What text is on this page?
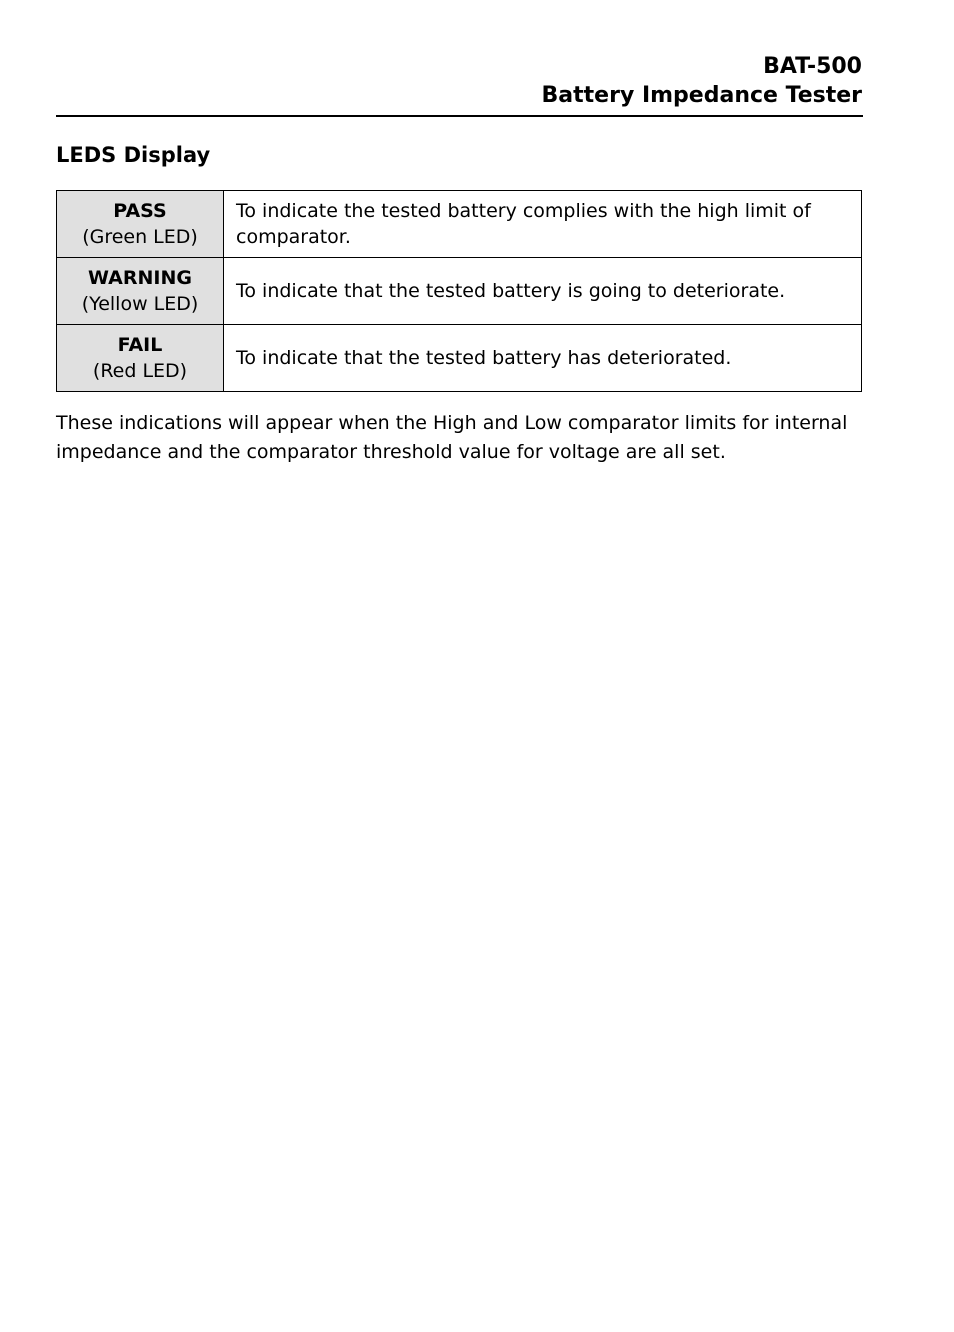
BAT-500
Battery Impedance Tester
LEDS Display
PASS
(Green LED)	To indicate the tested battery complies with the high limit of comparator.

WARNING
(Yellow LED)	To indicate that the tested battery is going to deteriorate.

FAIL
(Red LED)	To indicate that the tested battery has deteriorated.

These indications will appear when the High and Low comparator limits for internal impedance and the comparator threshold value for voltage are all set.
